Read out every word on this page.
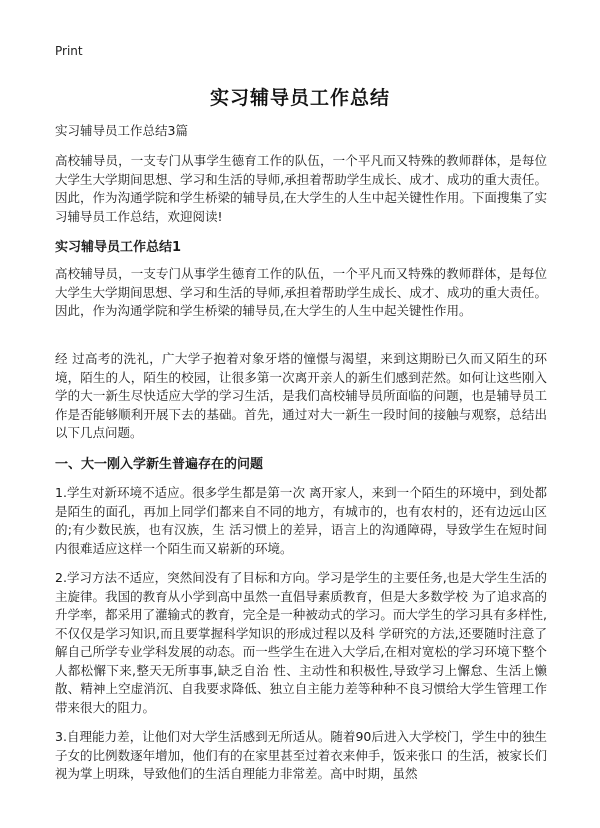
Print
实习辅导员工作总结
实习辅导员工作总结3篇

高校辅导员，一支专门从事学生德育工作的队伍，一个平凡而又特殊的教师群体，是每位大学生大学期间思想、学习和生活的导师,承担着帮助学生成长、成才、成功的重大责任。因此，作为沟通学院和学生桥梁的辅导员,在大学生的人生中起关键性作用。下面搜集了实习辅导员工作总结，欢迎阅读!

实习辅导员工作总结1

高校辅导员，一支专门从事学生德育工作的队伍，一个平凡而又特殊的教师群体，是每位大学生大学期间思想、学习和生活的导师,承担着帮助学生成长、成才、成功的重大责任。因此，作为沟通学院和学生桥梁的辅导员,在大学生的人生中起关键性作用。

经 过高考的洗礼，广大学子抱着对象牙塔的憧憬与渴望，来到这期盼已久而又陌生的环境，陌生的人，陌生的校园，让很多第一次离开亲人的新生们感到茫然。如何让这些刚入学的大一新生尽快适应大学的学习生活，是我们高校辅导员所面临的问题，也是辅导员工作是否能够顺利开展下去的基础。首先，通过对大一新生一段时间的接触与观察，总结出以下几点问题。

一、大一刚入学新生普遍存在的问题

1.学生对新环境不适应。很多学生都是第一次 离开家人，来到一个陌生的环境中，到处都是陌生的面孔，再加上同学们都来自不同的地方，有城市的，也有农村的，还有边远山区的;有少数民族，也有汉族，生 活习惯上的差异，语言上的沟通障碍，导致学生在短时间内很难适应这样一个陌生而又崭新的环境。

2.学习方法不适应，突然间没有了目标和方向。学习是学生的主要任务,也是大学生生活的主旋律。我国的教育从小学到高中虽然一直倡导素质教育，但是大多数学校 为了追求高的升学率，都采用了灌输式的教育，完全是一种被动式的学习。而大学生的学习具有多样性,不仅仅是学习知识,而且要掌握科学知识的形成过程以及科 学研究的方法,还要随时注意了解自己所学专业学科发展的动态。而一些学生在进入大学后,在相对宽松的学习环境下整个人都松懈下来,整天无所事事,缺乏自治 性、主动性和积极性,导致学习上懈怠、生活上懒散、精神上空虚消沉、自我要求降低、独立自主能力差等种种不良习惯给大学生管理工作带来很大的阻力。

3.自理能力差，让他们对大学生活感到无所适从。随着90后进入大学校门，学生中的独生子女的比例数逐年增加，他们有的在家里甚至过着衣来伸手，饭来张口 的生活，被家长们视为掌上明珠，导致他们的生活自理能力非常差。高中时期，虽然
